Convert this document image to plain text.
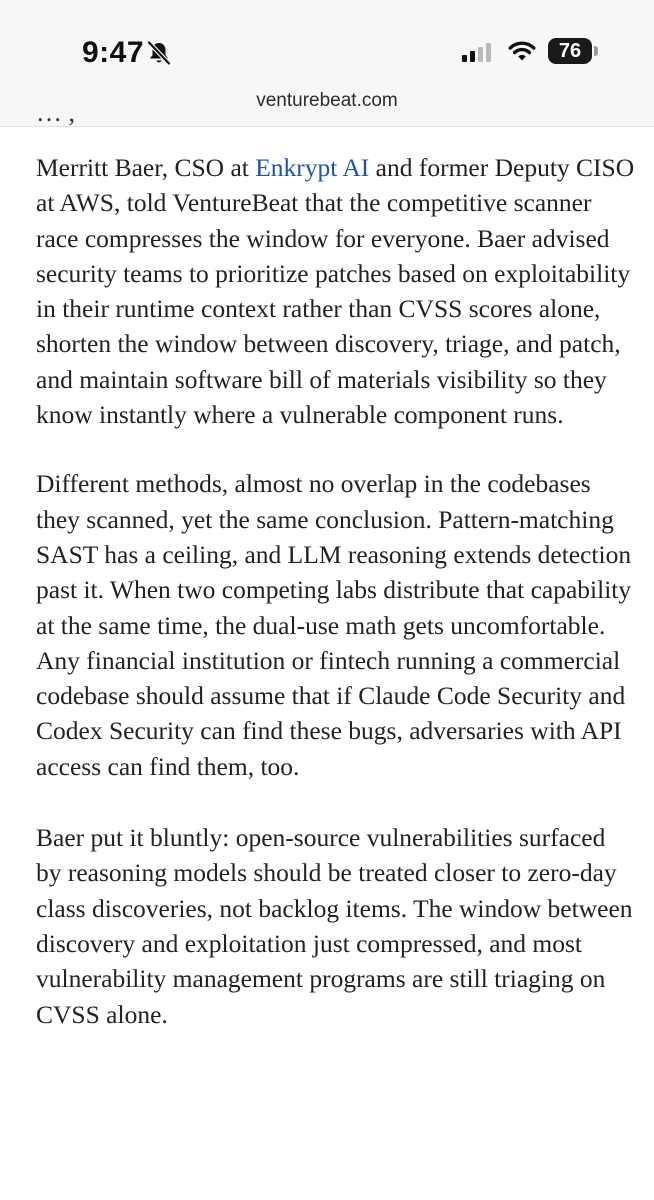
9:47	76
venturebeat.com
… ,

Merritt Baer, CSO at Enkrypt AI and former Deputy CISO at AWS, told VentureBeat that the competitive scanner race compresses the window for everyone. Baer advised security teams to prioritize patches based on exploitability in their runtime context rather than CVSS scores alone, shorten the window between discovery, triage, and patch, and maintain software bill of materials visibility so they know instantly where a vulnerable component runs.

Different methods, almost no overlap in the codebases they scanned, yet the same conclusion. Pattern-matching SAST has a ceiling, and LLM reasoning extends detection past it. When two competing labs distribute that capability at the same time, the dual-use math gets uncomfortable. Any financial institution or fintech running a commercial codebase should assume that if Claude Code Security and Codex Security can find these bugs, adversaries with API access can find them, too.

Baer put it bluntly: open-source vulnerabilities surfaced by reasoning models should be treated closer to zero-day class discoveries, not backlog items. The window between discovery and exploitation just compressed, and most vulnerability management programs are still triaging on CVSS alone.
